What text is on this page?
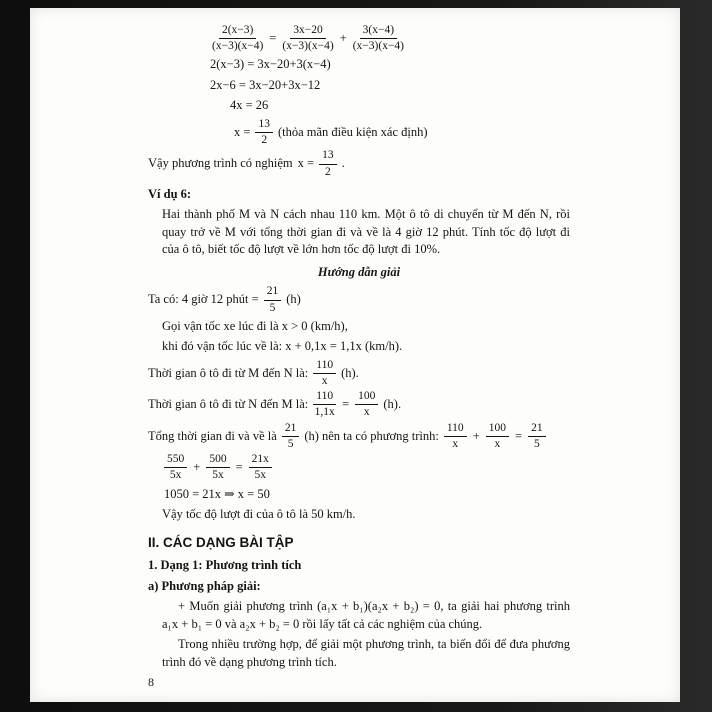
$\frac{2(x-3)}{(x-3)(x-4)} = \frac{3x-20}{(x-3)(x-4)} + \frac{3(x-4)}{(x-3)(x-4)}$

2(x−3) = 3x−20+3(x−4)

2x−6 = 3x−20+3x−12

4x = 26

$x = \frac{13}{2}$ (thỏa mãn điều kiện xác định)
Vậy phương trình có nghiệm $x = \frac{13}{2}$ .

Ví dụ 6:

Hai thành phố M và N cách nhau 110 km. Một ô tô di chuyển từ M đến N, rồi quay trở về M với tổng thời gian đi và về là 4 giờ 12 phút. Tính tốc độ lượt đi của ô tô, biết tốc độ lượt về lớn hơn tốc độ lượt đi 10%.

Hướng dẫn giải

Ta có: 4 giờ 12 phút = $\frac{21}{5} (h)$

Gọi vận tốc xe lúc đi là x > 0 (km/h),

khi đó vận tốc lúc về là: x + 0,1x = 1,1x (km/h).

Thời gian ô tô đi từ M đến N là: $\frac{110}{x} (h)$.
Thời gian ô tô đi từ N đến M là: $\frac{110}{1,1x} = \frac{100}{x} (h)$.
Tổng thời gian đi và về là $\frac{21}{5} (h)$ nên ta có phương trình: $\frac{110}{x} + \frac{100}{x} = \frac{21}{5}$
$\frac{550}{5x} + \frac{500}{5x} = \frac{21x}{5x}$

1050 = 21x ⇒ x = 50

Vậy tốc độ lượt đi của ô tô là 50 km/h.

II. CÁC DẠNG BÀI TẬP

1. Dạng 1: Phương trình tích

a) Phương pháp giải:

+ Muốn giải phương trình (a₁x + b₁)(a₂x + b₂) = 0, ta giải hai phương trình a₁x + b₁ = 0 và a₂x + b₂ = 0 rồi lấy tất cả các nghiệm của chúng.

Trong nhiều trường hợp, để giải một phương trình, ta biến đổi để đưa phương trình đó về dạng phương trình tích.

8
